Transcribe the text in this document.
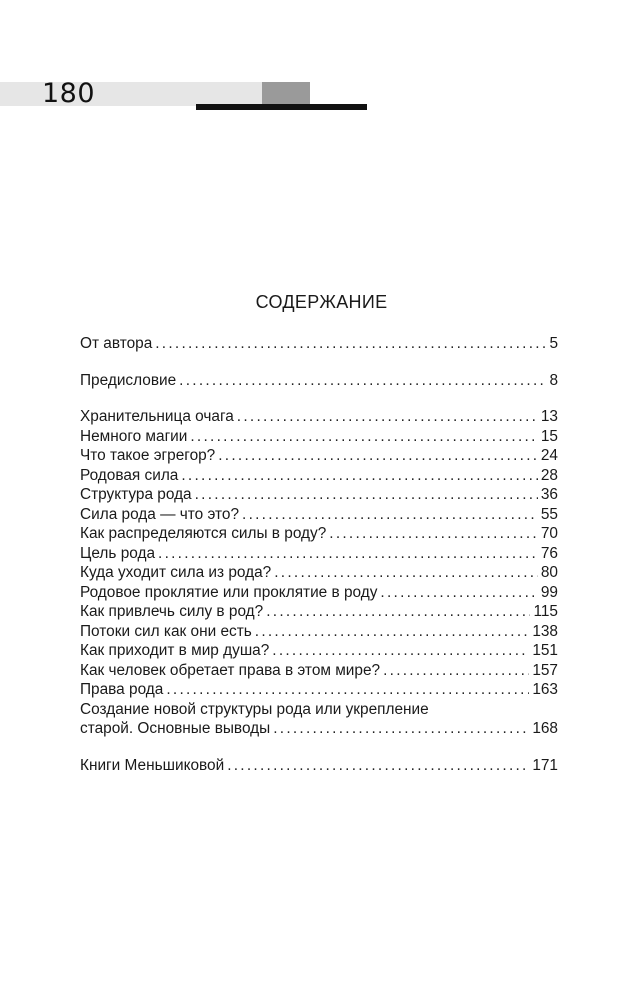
180
СОДЕРЖАНИЕ
От автора . . .	5
Предисловие . . .	8
Хранительница очага . . .	13
Немного магии . . .	15
Что такое эгрегор? . . .	24
Родовая сила . . .	28
Структура рода . . .	36
Сила рода — что это? . . .	55
Как распределяются силы в роду? . . .	70
Цель рода . . .	76
Куда уходит сила из рода? . . .	80
Родовое проклятие или проклятие в роду . . .	99
Как привлечь силу в род? . . .	115
Потоки сил как они есть . . .	138
Как приходит в мир душа? . . .	151
Как человек обретает права в этом мире? . . .	157
Права рода . . .	163
Создание новой структуры рода или укрепление
старой. Основные выводы . . .	168
Книги Меньшиковой . . .	171
